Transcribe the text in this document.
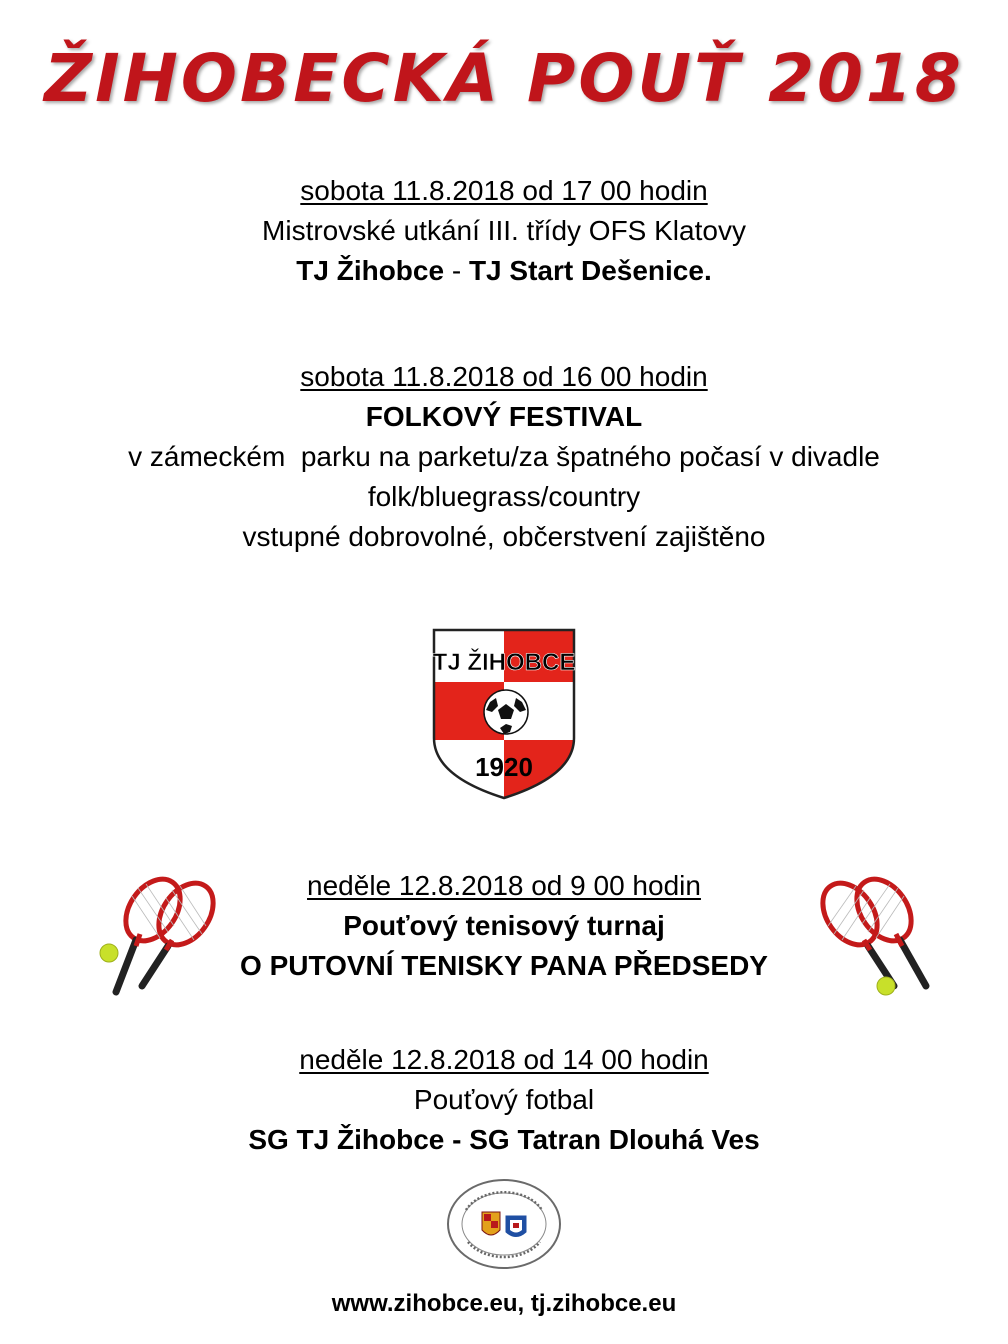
ŽIHOBECKÁ POUŤ 2018
sobota 11.8.2018 od 17 00 hodin
Mistrovské utkání III. třídy OFS Klatovy
TJ Žihobce - TJ Start Dešenice.
sobota 11.8.2018 od 16 00 hodin
FOLKOVÝ FESTIVAL
v zámeckém  parku na parketu/za špatného počasí v divadle
folk/bluegrass/country
vstupné dobrovolné, občerstvení zajištěno
TJ ŽIHOBCE
1920
neděle 12.8.2018 od 9 00 hodin
Pouťový tenisový turnaj
O PUTOVNÍ TENISKY PANA PŘEDSEDY
neděle 12.8.2018 od 14 00 hodin
Pouťový fotbal
SG TJ Žihobce - SG Tatran Dlouhá Ves
www.zihobce.eu, tj.zihobce.eu
